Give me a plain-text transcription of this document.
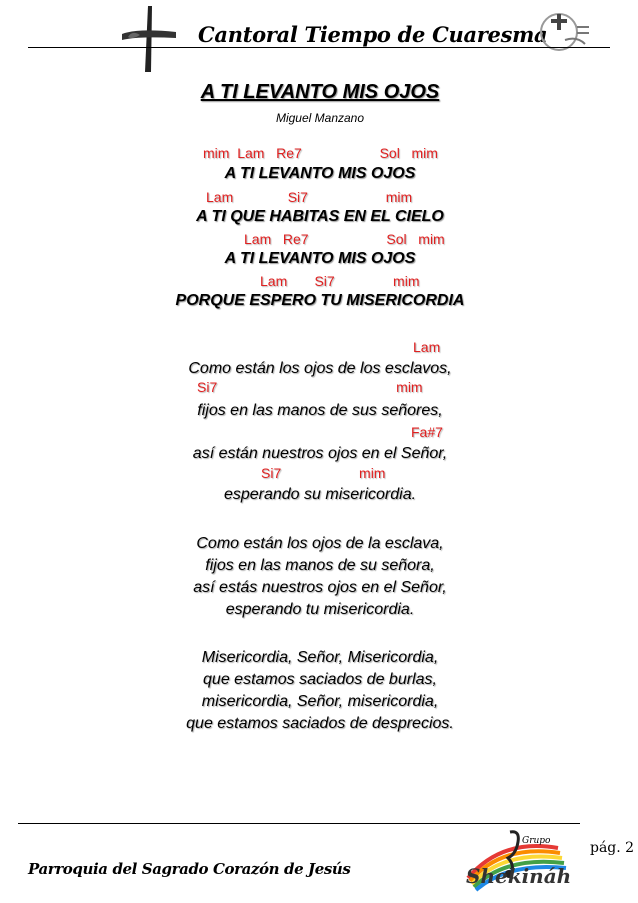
Cantoral Tiempo de Cuaresma
A TI LEVANTO MIS OJOS
Miguel Manzano
mim  Lam   Re7                    Sol   mim
A TI LEVANTO MIS OJOS
Lam              Si7                    mim
A TI QUE HABITAS EN EL CIELO
Lam   Re7                    Sol   mim
A TI LEVANTO MIS OJOS
Lam       Si7               mim
PORQUE ESPERO TU MISERICORDIA
Lam
Como están los ojos de los esclavos,
Si7                                              mim
fijos en las manos de sus señores,
Fa#7
así están nuestros ojos en el Señor,
Si7                    mim
esperando su misericordia.
Como están los ojos de la esclava,
fijos en las manos de su señora,
así estás nuestros ojos en el Señor,
esperando tu misericordia.
Misericordia, Señor, Misericordia,
que estamos saciados de burlas,
misericordia, Señor, misericordia,
que estamos saciados de desprecios.
pág. 2
Parroquia del Sagrado Corazón de Jesús
Grupo
Shekináh
